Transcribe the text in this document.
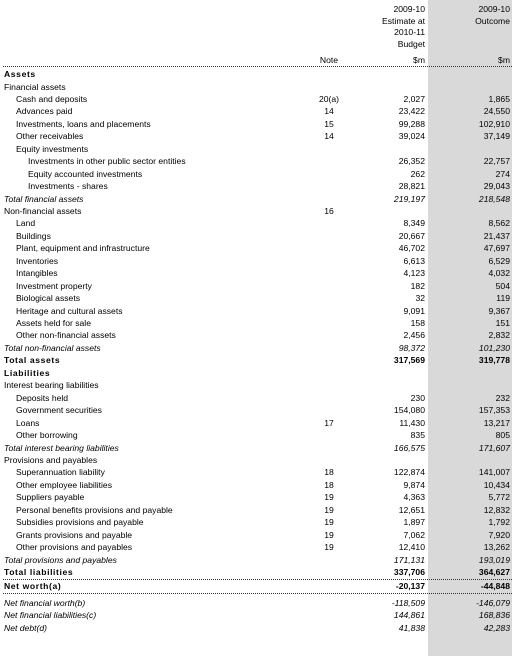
2009-10
Estimate at
2010-11
Budget
2009-10
Outcome
Note	$m	$m
Assets
Financial assets
Cash and deposits	20(a)	2,027	1,865
Advances paid	14	23,422	24,550
Investments, loans and placements	15	99,288	102,910
Other receivables	14	39,024	37,149
Equity investments
Investments in other public sector entities	26,352	22,757
Equity accounted investments	262	274
Investments - shares	28,821	29,043
Total financial assets	219,197	218,548
Non-financial assets	16
Land	8,349	8,562
Buildings	20,667	21,437
Plant, equipment and infrastructure	46,702	47,697
Inventories	6,613	6,529
Intangibles	4,123	4,032
Investment property	182	504
Biological assets	32	119
Heritage and cultural assets	9,091	9,367
Assets held for sale	158	151
Other non-financial assets	2,456	2,832
Total non-financial assets	98,372	101,230
Total assets	317,569	319,778
Liabilities
Interest bearing liabilities
Deposits held	230	232
Government securities	154,080	157,353
Loans	17	11,430	13,217
Other borrowing	835	805
Total interest bearing liabilities	166,575	171,607
Provisions and payables
Superannuation liability	18	122,874	141,007
Other employee liabilities	18	9,874	10,434
Suppliers payable	19	4,363	5,772
Personal benefits provisions and payable	19	12,651	12,832
Subsidies provisions and payable	19	1,897	1,792
Grants provisions and payable	19	7,062	7,920
Other provisions and payables	19	12,410	13,262
Total provisions and payables	171,131	193,019
Total liabilities	337,706	364,627
Net worth(a)	-20,137	-44,848
Net financial worth(b)	-118,509	-146,079
Net financial liabilities(c)	144,861	168,836
Net debt(d)	41,838	42,283
